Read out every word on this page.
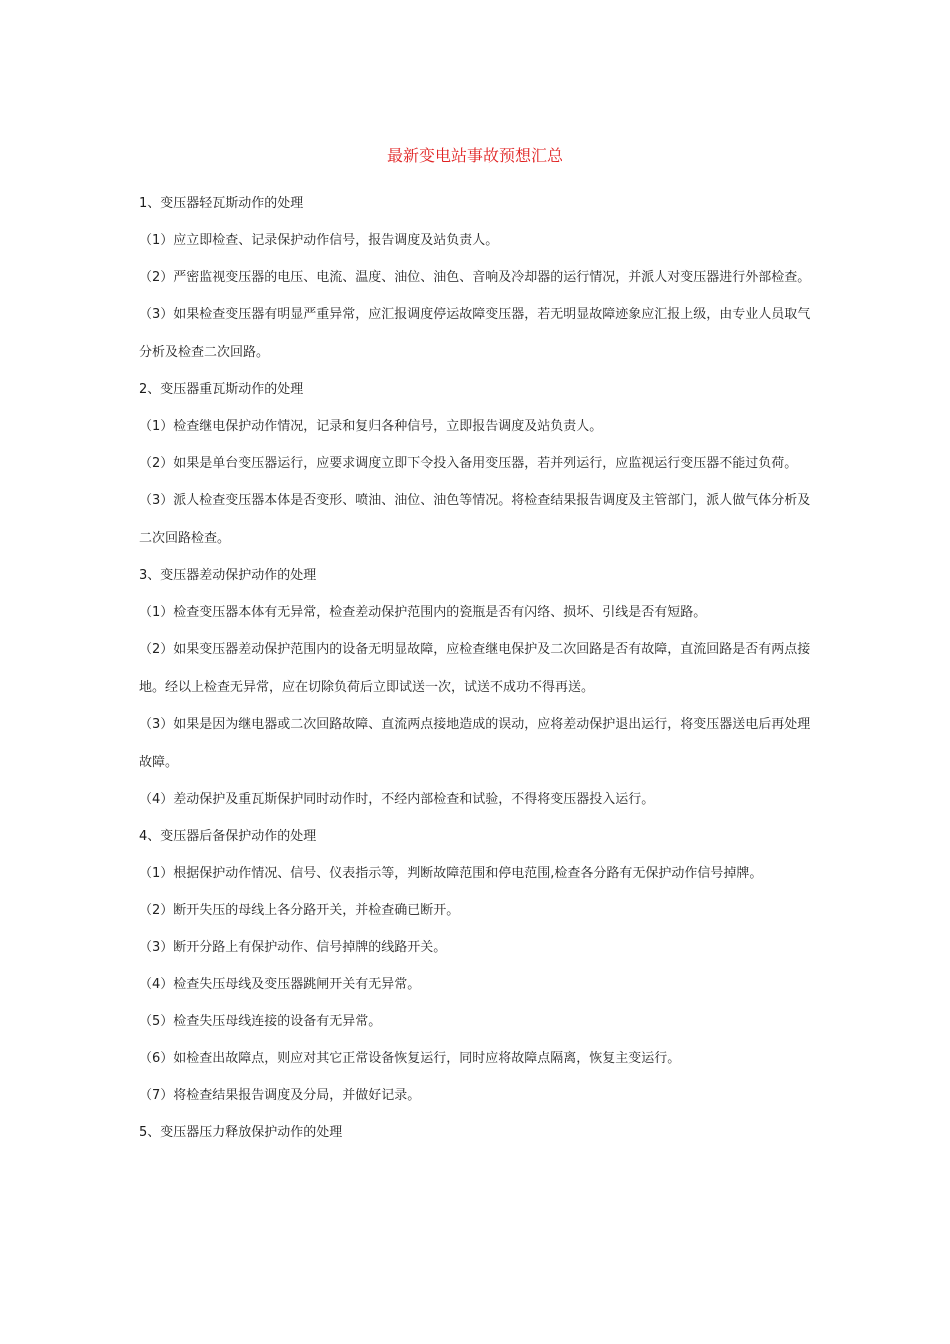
最新变电站事故预想汇总

1、变压器轻瓦斯动作的处理

（1）应立即检查、记录保护动作信号，报告调度及站负责人。

（2）严密监视变压器的电压、电流、温度、油位、油色、音响及冷却器的运行情况，并派人对变压器进行外部检查。

（3）如果检查变压器有明显严重异常，应汇报调度停运故障变压器，若无明显故障迹象应汇报上级，由专业人员取气分析及检查二次回路。

2、变压器重瓦斯动作的处理

（1）检查继电保护动作情况，记录和复归各种信号，立即报告调度及站负责人。

（2）如果是单台变压器运行，应要求调度立即下令投入备用变压器，若并列运行，应监视运行变压器不能过负荷。

（3）派人检查变压器本体是否变形、喷油、油位、油色等情况。将检查结果报告调度及主管部门，派人做气体分析及二次回路检查。

3、变压器差动保护动作的处理

（1）检查变压器本体有无异常，检查差动保护范围内的瓷瓶是否有闪络、损坏、引线是否有短路。

（2）如果变压器差动保护范围内的设备无明显故障，应检查继电保护及二次回路是否有故障，直流回路是否有两点接地。经以上检查无异常，应在切除负荷后立即试送一次，试送不成功不得再送。

（3）如果是因为继电器或二次回路故障、直流两点接地造成的误动，应将差动保护退出运行，将变压器送电后再处理故障。

（4）差动保护及重瓦斯保护同时动作时，不经内部检查和试验，不得将变压器投入运行。

4、变压器后备保护动作的处理

（1）根据保护动作情况、信号、仪表指示等，判断故障范围和停电范围,检查各分路有无保护动作信号掉牌。

（2）断开失压的母线上各分路开关，并检查确已断开。

（3）断开分路上有保护动作、信号掉牌的线路开关。

（4）检查失压母线及变压器跳闸开关有无异常。

（5）检查失压母线连接的设备有无异常。

（6）如检查出故障点，则应对其它正常设备恢复运行，同时应将故障点隔离，恢复主变运行。

（7）将检查结果报告调度及分局，并做好记录。

5、变压器压力释放保护动作的处理
